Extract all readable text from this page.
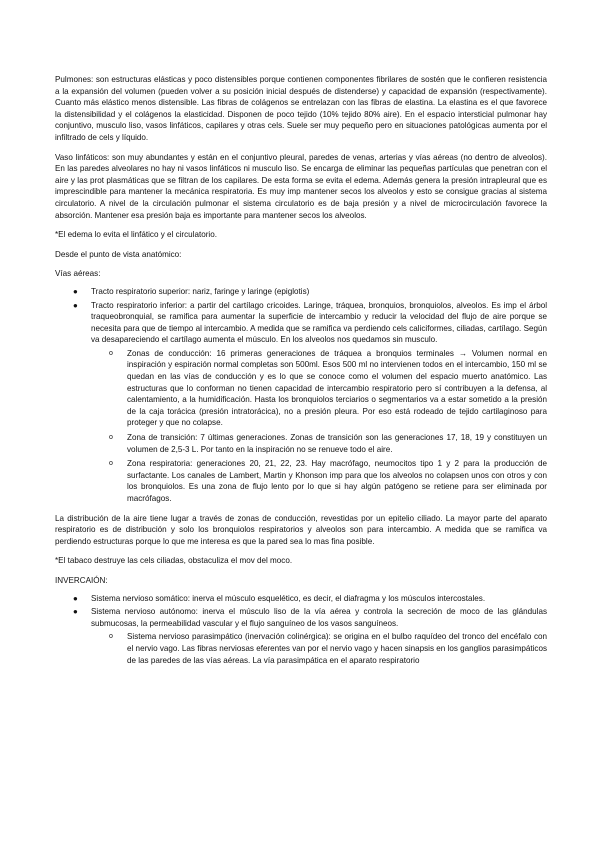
Pulmones: son estructuras elásticas y poco distensibles porque contienen componentes fibrilares de sostén que le confieren resistencia a la expansión del volumen (pueden volver a su posición inicial después de distenderse) y capacidad de expansión (respectivamente). Cuanto más elástico menos distensible. Las fibras de colágenos se entrelazan con las fibras de elastina. La elastina es el que favorece la distensibilidad y el colágenos la elasticidad. Disponen de poco tejido (10% tejido 80% aire). En el espacio intersticial pulmonar hay conjuntivo, musculo liso, vasos linfáticos, capilares y otras cels. Suele ser muy pequeño pero en situaciones patológicas aumenta por el infiltrado de cels y líquido.

Vaso linfáticos: son muy abundantes y están en el conjuntivo pleural, paredes de venas, arterias y vías aéreas (no dentro de alveolos). En las paredes alveolares no hay ni vasos linfáticos ni musculo liso. Se encarga de eliminar las pequeñas partículas que penetran con el aire y las prot plasmáticas que se filtran de los capilares. De esta forma se evita el edema. Además genera la presión intrapleural que es imprescindible para mantener la mecánica respiratoria. Es muy imp mantener secos los alveolos y esto se consigue gracias al sistema circulatorio. A nivel de la circulación pulmonar el sistema circulatorio es de baja presión y a nivel de microcirculación favorece la absorción. Mantener esa presión baja es importante para mantener secos los alveolos.

*El edema lo evita el linfático y el circulatorio.

Desde el punto de vista anatómico:

Vías aéreas:

● Tracto respiratorio superior: nariz, faringe y laringe (epiglotis)
● Tracto respiratorio inferior: a partir del cartílago cricoides. Laringe, tráquea, bronquios, bronquiolos, alveolos. Es imp el árbol traqueobronquial, se ramifica para aumentar la superficie de intercambio y reducir la velocidad del flujo de aire porque se necesita para que de tiempo al intercambio. A medida que se ramifica va perdiendo cels caliciformes, ciliadas, cartílago. Según va desapareciendo el cartílago aumenta el músculo. En los alveolos nos quedamos sin musculo.
o Zonas de conducción: 16 primeras generaciones de tráquea a bronquios terminales → Volumen normal en inspiración y espiración normal completas son 500ml. Esos 500 ml no intervienen todos en el intercambio, 150 ml se quedan en las vías de conducción y es lo que se conoce como el volumen del espacio muerto anatómico. Las estructuras que lo conforman no tienen capacidad de intercambio respiratorio pero sí contribuyen a la defensa, al calentamiento, a la humidificación. Hasta los bronquiolos terciarios o segmentarios va a estar sometido a la presión de la caja torácica (presión intratorácica), no a presión pleura. Por eso está rodeado de tejido cartilaginoso para proteger y que no colapse.
o Zona de transición: 7 últimas generaciones. Zonas de transición son las generaciones 17, 18, 19 y constituyen un volumen de 2,5-3 L. Por tanto en la inspiración no se renueve todo el aire.
o Zona respiratoria: generaciones 20, 21, 22, 23. Hay macrófago, neumocitos tipo 1 y 2 para la producción de surfactante. Los canales de Lambert, Martin y Khonson imp para que los alveolos no colapsen unos con otros y con los bronquiolos. Es una zona de flujo lento por lo que si hay algún patógeno se retiene para ser eliminada por macrófagos.

La distribución de la aire tiene lugar a través de zonas de conducción, revestidas por un epitelio ciliado. La mayor parte del aparato respiratorio es de distribución y solo los bronquiolos respiratorios y alveolos son para intercambio. A medida que se ramifica va perdiendo estructuras porque lo que me interesa es que la pared sea lo mas fina posible.

*El tabaco destruye las cels ciliadas, obstaculiza el mov del moco.

INVERCAIÓN:

● Sistema nervioso somático: inerva el músculo esquelético, es decir, el diafragma y los músculos intercostales.
● Sistema nervioso autónomo: inerva el músculo liso de la vía aérea y controla la secreción de moco de las glándulas submucosas, la permeabilidad vascular y el flujo sanguíneo de los vasos sanguíneos.
o Sistema nervioso parasimpático (inervación colinérgica): se origina en el bulbo raquídeo del tronco del encéfalo con el nervio vago. Las fibras nerviosas eferentes van por el nervio vago y hacen sinapsis en los ganglios parasimpáticos de las paredes de las vías aéreas. La vía parasimpática en el aparato respiratorio
